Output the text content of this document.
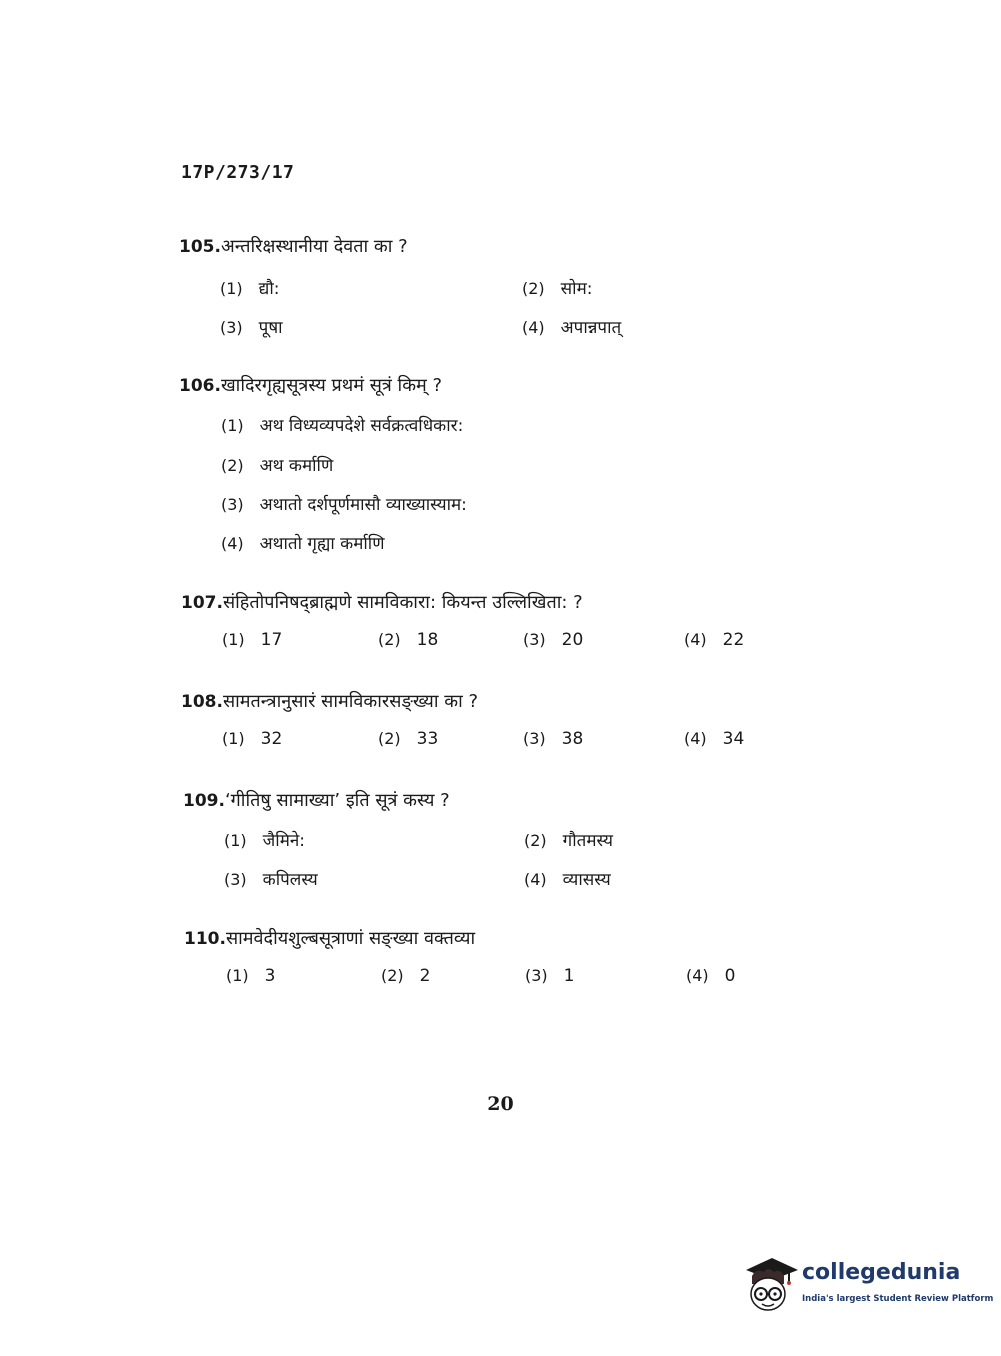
17P/273/17
105.अन्तरिक्षस्थानीया देवता का ?
(1) द्यौ:	(2) सोम:
(3) पूषा	(4) अपान्नपात्
106.खादिरगृह्यसूत्रस्य प्रथमं सूत्रं किम् ?
(1) अथ विध्यव्यपदेशे सर्वक्रत्वधिकार:
(2) अथ कर्माणि
(3) अथातो दर्शपूर्णमासौ व्याख्यास्याम:
(4) अथातो गृह्या कर्माणि
107.संहितोपनिषद्ब्राह्मणे सामविकारा: कियन्त उल्लिखिता: ?
(1) 17	(2) 18	(3) 20	(4) 22
108.सामतन्त्रानुसारं सामविकारसङ्ख्या का ?
(1) 32	(2) 33	(3) 38	(4) 34
109.‘गीतिषु सामाख्या’ इति सूत्रं कस्य ?
(1) जैमिने:	(2) गौतमस्य
(3) कपिलस्य	(4) व्यासस्य
110.सामवेदीयशुल्बसूत्राणां सङ्ख्या वक्तव्या
(1) 3	(2) 2	(3) 1	(4) 0
20
collegedunia
India's largest Student Review Platform
